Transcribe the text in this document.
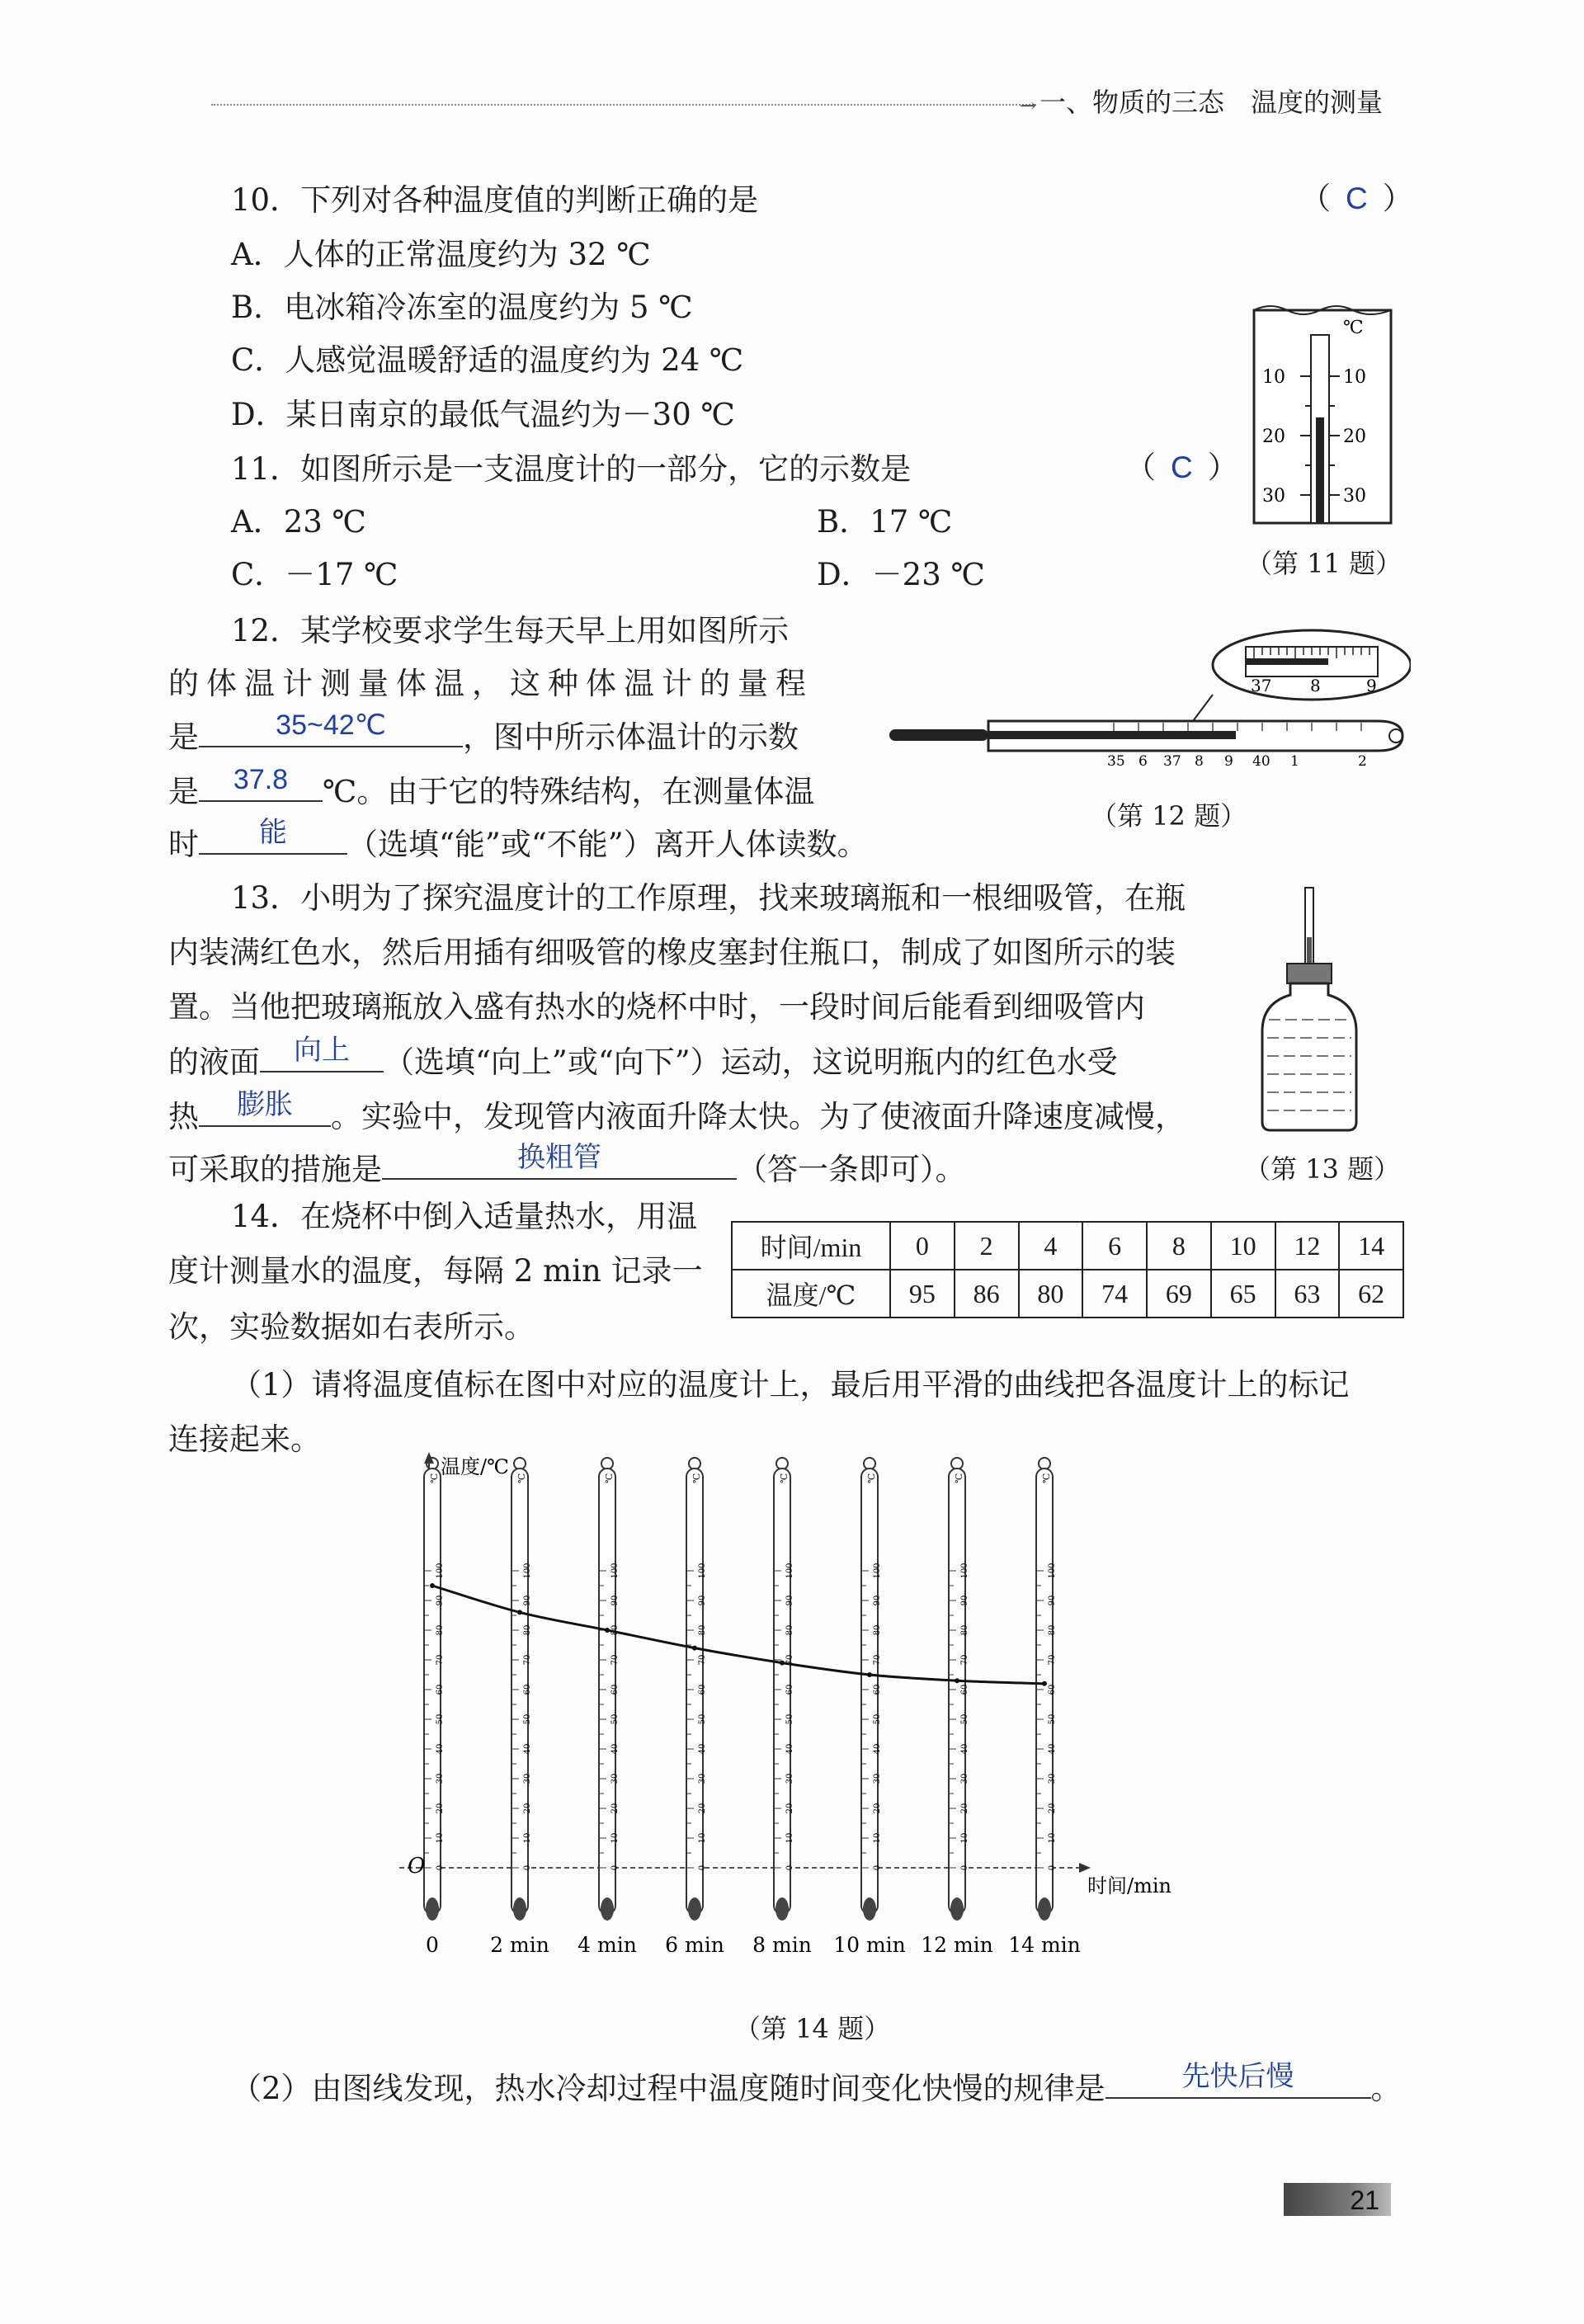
→ 一、物质的三态　温度的测量
10．下列对各种温度值的判断正确的是	（ C ）
A．人体的正常温度约为 32 ℃
B．电冰箱冷冻室的温度约为 5 ℃
C．人感觉温暖舒适的温度约为 24 ℃
D．某日南京的最低气温约为－30 ℃
11．如图所示是一支温度计的一部分，它的示数是	（ C ）
A．23 ℃	B．17 ℃
C．－17 ℃	D．－23 ℃
℃
10	10
20	20
30	30
（第 11 题）
12．某学校要求学生每天早上用如图所示
的体温计测量体温，这种体温计的量程
是	35~42℃	，图中所示体温计的示数
是	37.8	℃。由于它的特殊结构，在测量体温
时	能	（选填“能”或“不能”）离开人体读数。
37 8	9
35 6 37 8 9 40 1	2
（第 12 题）
13．小明为了探究温度计的工作原理，找来玻璃瓶和一根细吸管，在瓶
内装满红色水，然后用插有细吸管的橡皮塞封住瓶口，制成了如图所示的装
置。当他把玻璃瓶放入盛有热水的烧杯中时，一段时间后能看到细吸管内
的液面	向上	（选填“向上”或“向下”）运动，这说明瓶内的红色水受
热	膨胀	。实验中，发现管内液面升降太快。为了使液面升降速度减慢，
可采取的措施是	换粗管	（答一条即可）。	（第 13 题）
14．在烧杯中倒入适量热水，用温
度计测量水的温度，每隔 2 min 记录一
次，实验数据如右表所示。
时间/min	0	2	4	6	8	10	12	14
温度/℃	95	86	80	74	69	65	63	62
（1）请将温度值标在图中对应的温度计上，最后用平滑的曲线把各温度计上的标记
连接起来。
0
10
20
30
40
50
60
70
80
90
100
℃
0
10
20
30
40
50
60
70
80
90
100
℃
0
10
20
30
40
50
60
70
80
90
100
℃
0
10
20
30
40
50
60
70
80
90
100
℃
0
10
20
30
40
50
60
70
80
90
100
℃
0
10
20
30
40
50
60
70
80
90
100
℃
0
10
20
30
40
50
60
70
80
90
100
℃
0
10
20
30
40
50
60
70
80
90
100
℃
温度/℃
时间/min
O
0 2 min 4 min 6 min 8 min 10 min 12 min 14 min
（第 14 题）
（2）由图线发现，热水冷却过程中温度随时间变化快慢的规律是	先快后慢	。
21
